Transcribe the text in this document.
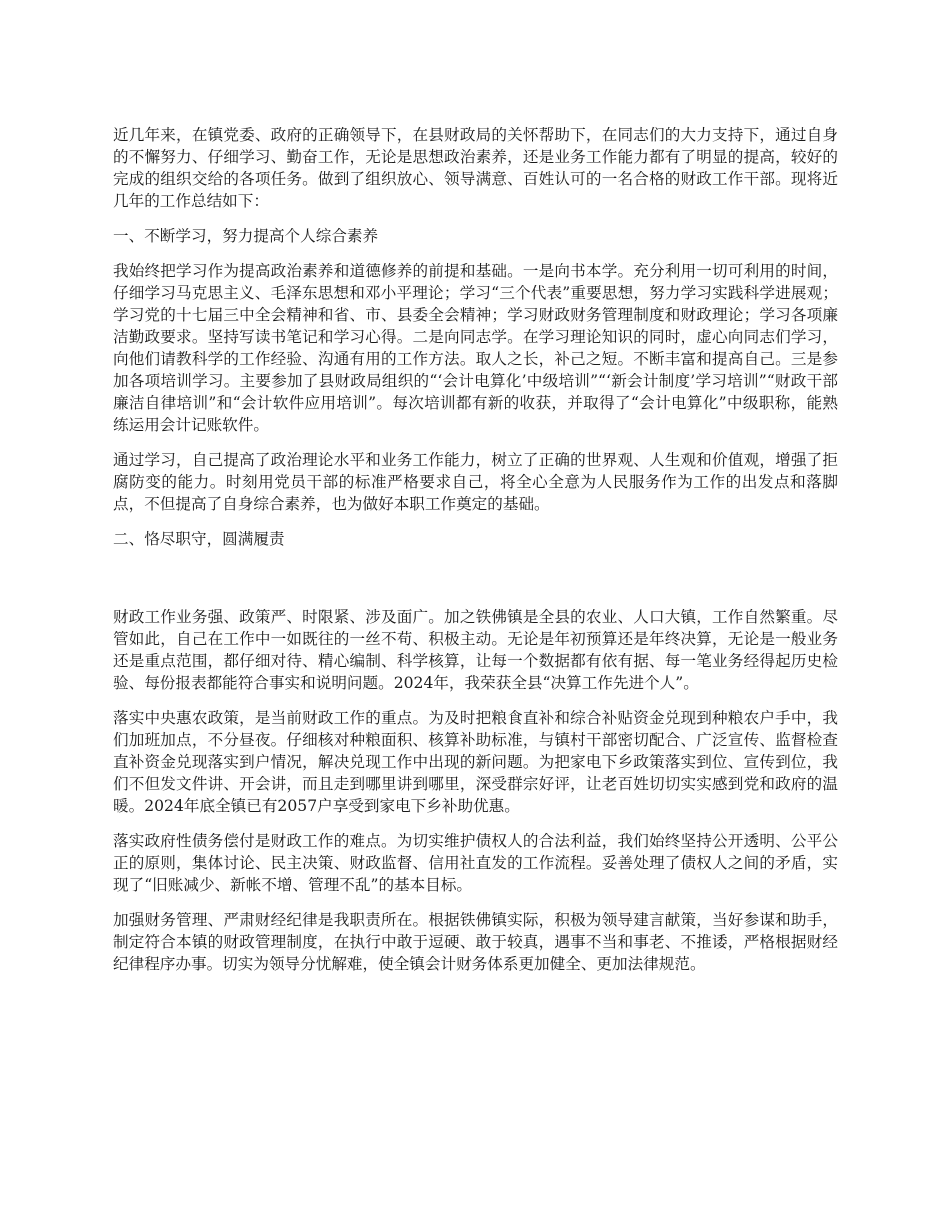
近几年来，在镇党委、政府的正确领导下，在县财政局的关怀帮助下，在同志们的大力支持下，通过自身的不懈努力、仔细学习、勤奋工作，无论是思想政治素养，还是业务工作能力都有了明显的提高，较好的完成的组织交给的各项任务。做到了组织放心、领导满意、百姓认可的一名合格的财政工作干部。现将近几年的工作总结如下：

一、不断学习，努力提高个人综合素养

我始终把学习作为提高政治素养和道德修养的前提和基础。一是向书本学。充分利用一切可利用的时间，仔细学习马克思主义、毛泽东思想和邓小平理论；学习“三个代表”重要思想，努力学习实践科学进展观；学习党的十七届三中全会精神和省、市、县委全会精神；学习财政财务管理制度和财政理论；学习各项廉洁勤政要求。坚持写读书笔记和学习心得。二是向同志学。在学习理论知识的同时，虚心向同志们学习，向他们请教科学的工作经验、沟通有用的工作方法。取人之长，补己之短。不断丰富和提高自己。三是参加各项培训学习。主要参加了县财政局组织的“‘会计电算化’中级培训”“‘新会计制度’学习培训”“财政干部廉洁自律培训”和“会计软件应用培训”。每次培训都有新的收获，并取得了“会计电算化”中级职称，能熟练运用会计记账软件。

通过学习，自己提高了政治理论水平和业务工作能力，树立了正确的世界观、人生观和价值观，增强了拒腐防变的能力。时刻用党员干部的标准严格要求自己，将全心全意为人民服务作为工作的出发点和落脚点，不但提高了自身综合素养，也为做好本职工作奠定的基础。

二、恪尽职守，圆满履责

财政工作业务强、政策严、时限紧、涉及面广。加之铁佛镇是全县的农业、人口大镇，工作自然繁重。尽管如此，自己在工作中一如既往的一丝不苟、积极主动。无论是年初预算还是年终决算，无论是一般业务还是重点范围，都仔细对待、精心编制、科学核算，让每一个数据都有依有据、每一笔业务经得起历史检验、每份报表都能符合事实和说明问题。2024年，我荣获全县“决算工作先进个人”。

落实中央惠农政策，是当前财政工作的重点。为及时把粮食直补和综合补贴资金兑现到种粮农户手中，我们加班加点，不分昼夜。仔细核对种粮面积、核算补助标准，与镇村干部密切配合、广泛宣传、监督检查直补资金兑现落实到户情况，解决兑现工作中出现的新问题。为把家电下乡政策落实到位、宣传到位，我们不但发文件讲、开会讲，而且走到哪里讲到哪里，深受群宗好评，让老百姓切切实实感到党和政府的温暖。2024年底全镇已有2057户享受到家电下乡补助优惠。

落实政府性债务偿付是财政工作的难点。为切实维护债权人的合法利益，我们始终坚持公开透明、公平公正的原则，集体讨论、民主决策、财政监督、信用社直发的工作流程。妥善处理了债权人之间的矛盾，实现了“旧账减少、新帐不增、管理不乱”的基本目标。

加强财务管理、严肃财经纪律是我职责所在。根据铁佛镇实际，积极为领导建言献策，当好参谋和助手，制定符合本镇的财政管理制度，在执行中敢于逗硬、敢于较真，遇事不当和事老、不推诿，严格根据财经纪律程序办事。切实为领导分忧解难，使全镇会计财务体系更加健全、更加法律规范。
